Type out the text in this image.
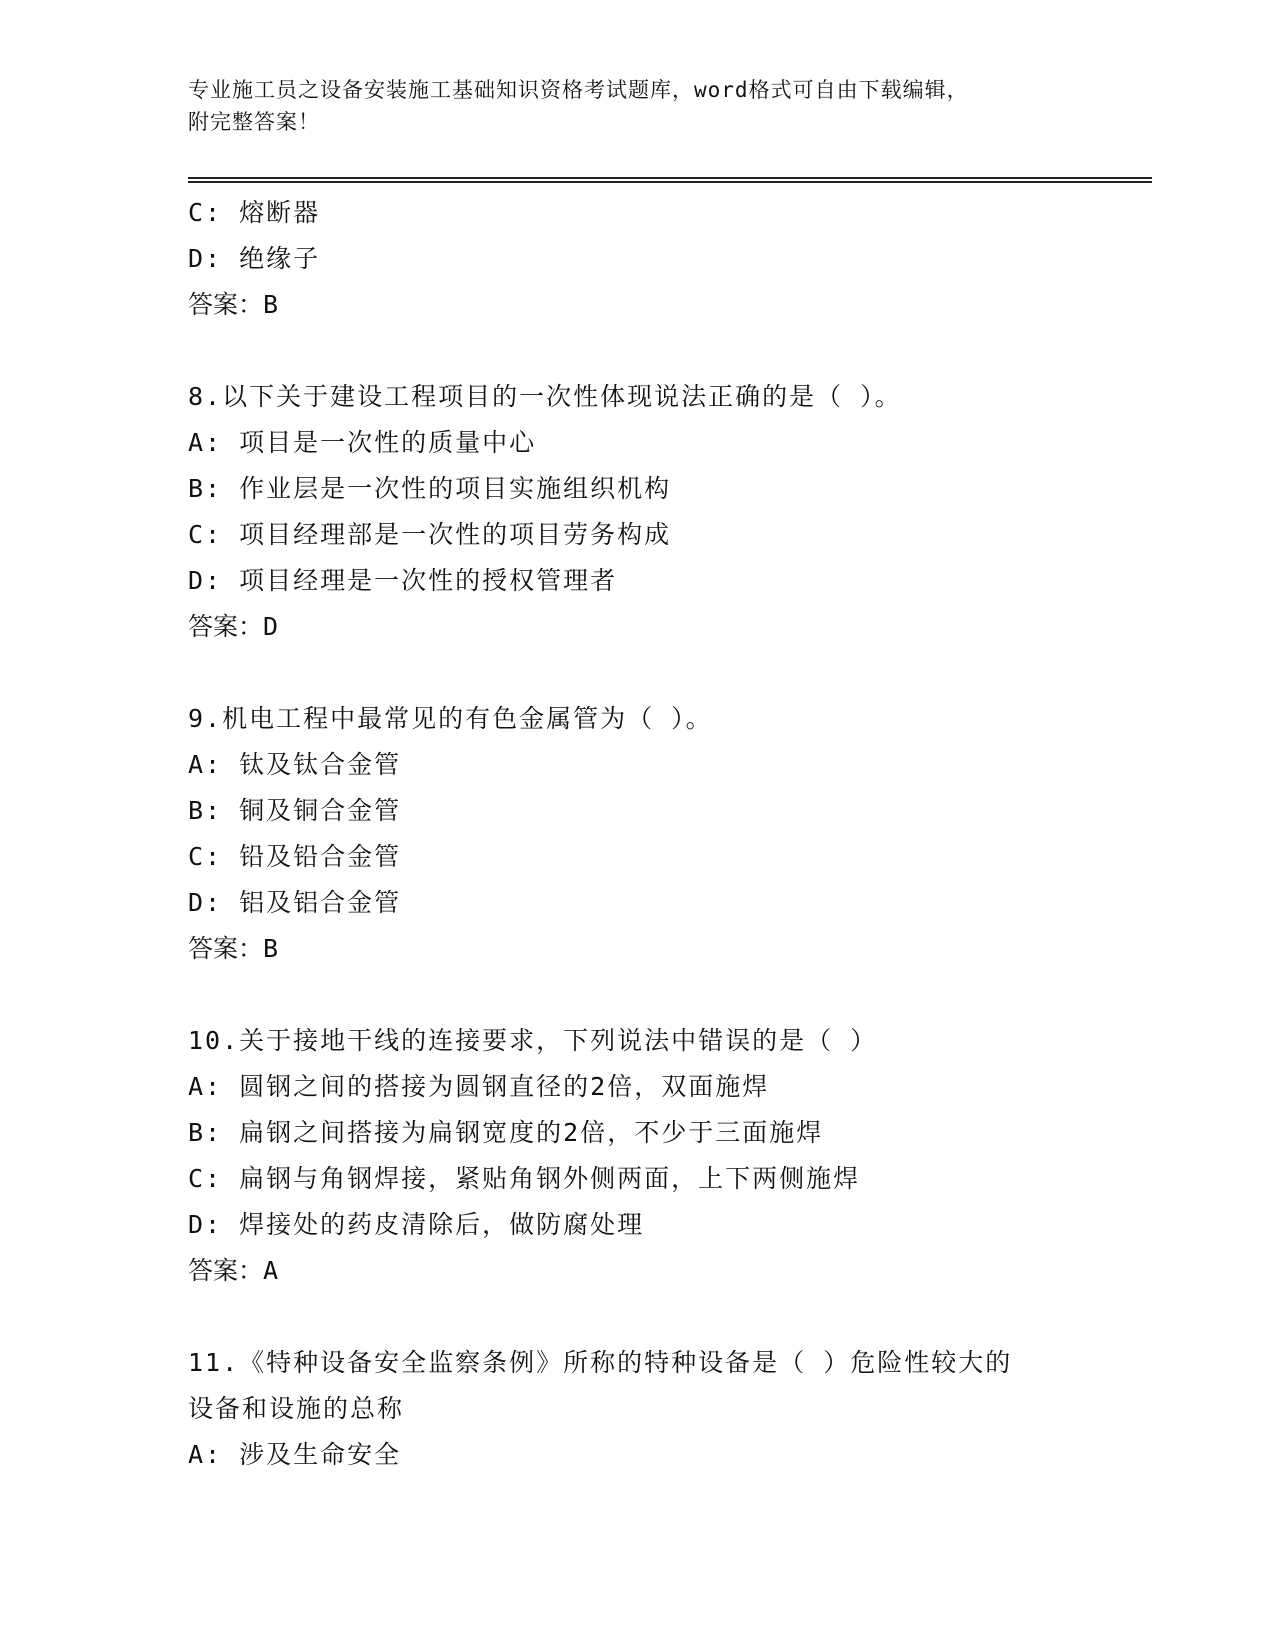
专业施工员之设备安装施工基础知识资格考试题库，word格式可自由下载编辑，
附完整答案！
C: 熔断器
D: 绝缘子
答案：B
8.以下关于建设工程项目的一次性体现说法正确的是（ ）。
A: 项目是一次性的质量中心
B: 作业层是一次性的项目实施组织机构
C: 项目经理部是一次性的项目劳务构成
D: 项目经理是一次性的授权管理者
答案：D
9.机电工程中最常见的有色金属管为（ ）。
A: 钛及钛合金管
B: 铜及铜合金管
C: 铅及铅合金管
D: 铝及铝合金管
答案：B
10.关于接地干线的连接要求，下列说法中错误的是（ ）
A: 圆钢之间的搭接为圆钢直径的2倍，双面施焊
B: 扁钢之间搭接为扁钢宽度的2倍，不少于三面施焊
C: 扁钢与角钢焊接，紧贴角钢外侧两面，上下两侧施焊
D: 焊接处的药皮清除后，做防腐处理
答案：A
11.《特种设备安全监察条例》所称的特种设备是（ ）危险性较大的
设备和设施的总称
A: 涉及生命安全
